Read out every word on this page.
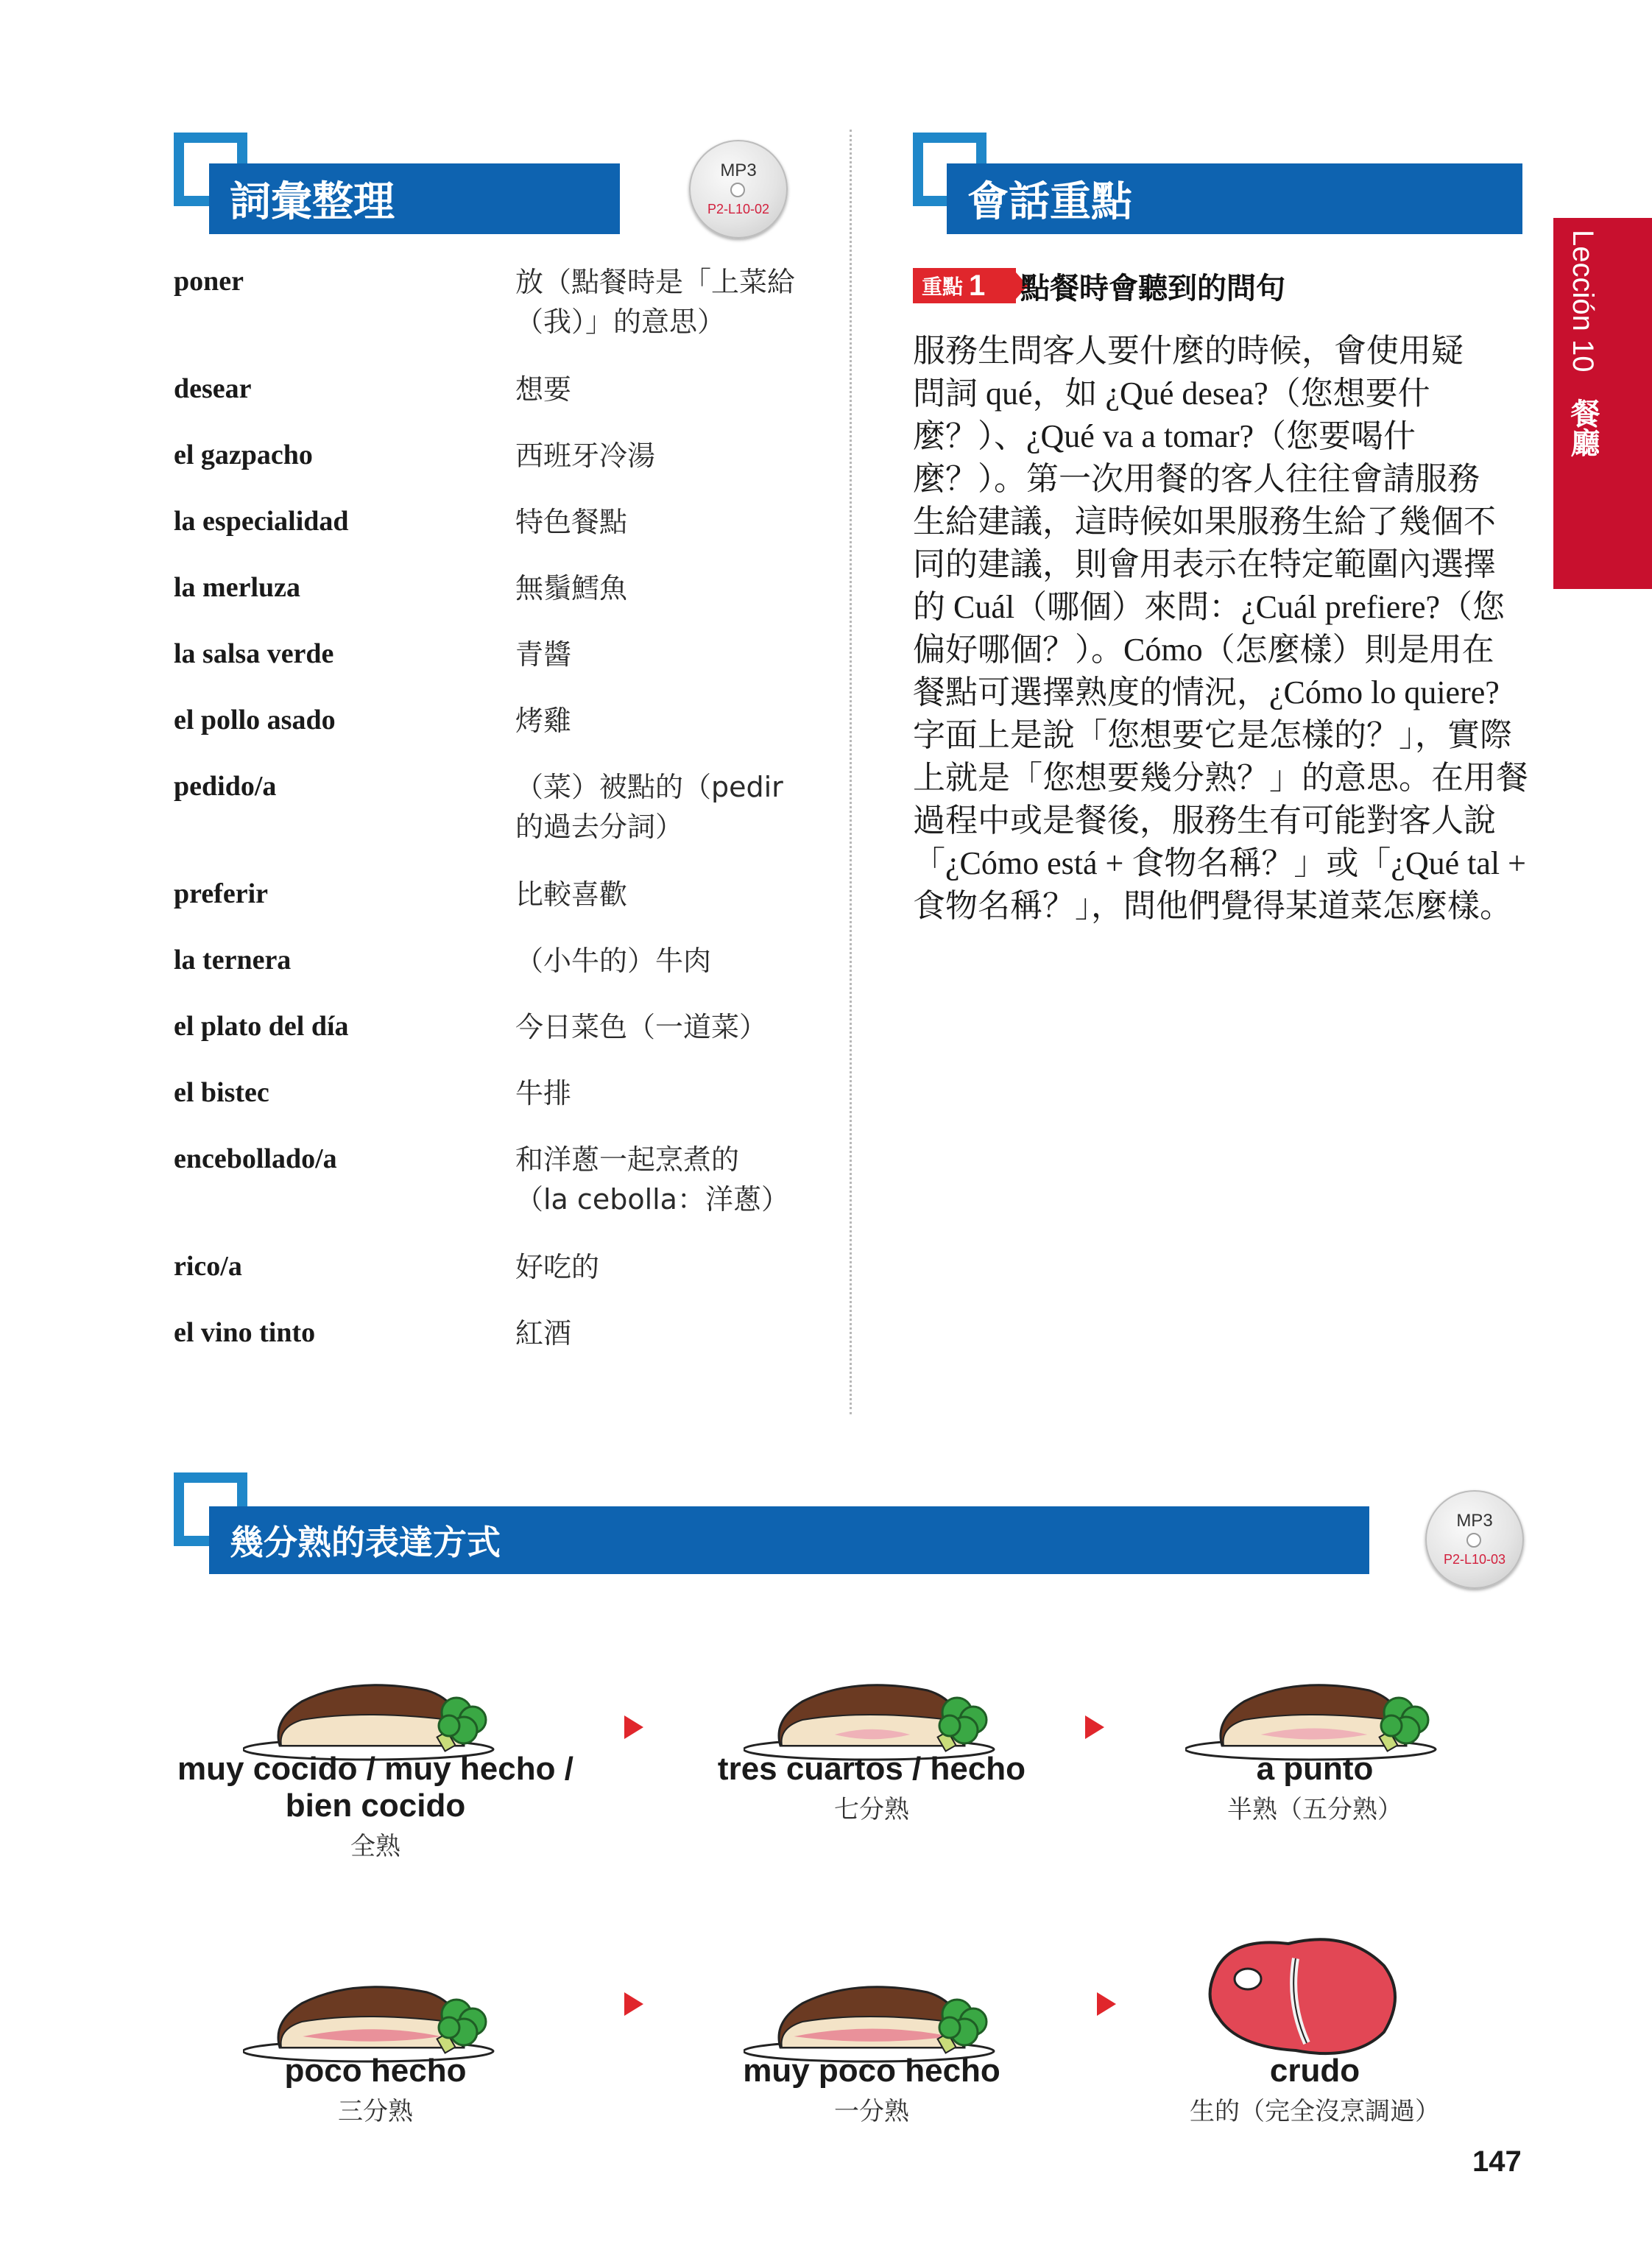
詞彙整理
MP3
P2-L10-02
poner	放（點餐時是「上菜給
（我）」的意思）
desear	想要
el gazpacho	西班牙冷湯
la especialidad	特色餐點
la merluza	無鬚鱈魚
la salsa verde	青醬
el pollo asado	烤雞
pedido/a	（菜）被點的（pedir
的過去分詞）
preferir	比較喜歡
la ternera	（小牛的）牛肉
el plato del día	今日菜色（一道菜）
el bistec	牛排
encebollado/a	和洋蔥一起烹煮的
（la cebolla：洋蔥）
rico/a	好吃的
el vino tinto	紅酒
會話重點
Lección 10 餐廳
重點 1 點餐時會聽到的問句

服務生問客人要什麼的時候，會使用疑

問詞 qué，如 ¿Qué desea?（您想要什

麼？）、¿Qué va a tomar?（您要喝什

麼？）。第一次用餐的客人往往會請服務

生給建議，這時候如果服務生給了幾個不

同的建議，則會用表示在特定範圍內選擇

的 Cuál（哪個）來問：¿Cuál prefiere?（您

偏好哪個？）。Cómo（怎麼樣）則是用在

餐點可選擇熟度的情況，¿Cómo lo quiere?

字面上是說「您想要它是怎樣的？」，實際

上就是「您想要幾分熟？」的意思。在用餐

過程中或是餐後，服務生有可能對客人說

「¿Cómo está + 食物名稱？」或「¿Qué tal +

食物名稱？」，問他們覺得某道菜怎麼樣。

幾分熟的表達方式
MP3
P2-L10-03
muy cocido / muy hecho /
bien cocido
全熟
tres cuartos / hecho
七分熟
a punto
半熟（五分熟）
poco hecho
三分熟
muy poco hecho
一分熟
crudo
生的（完全沒烹調過）
147
